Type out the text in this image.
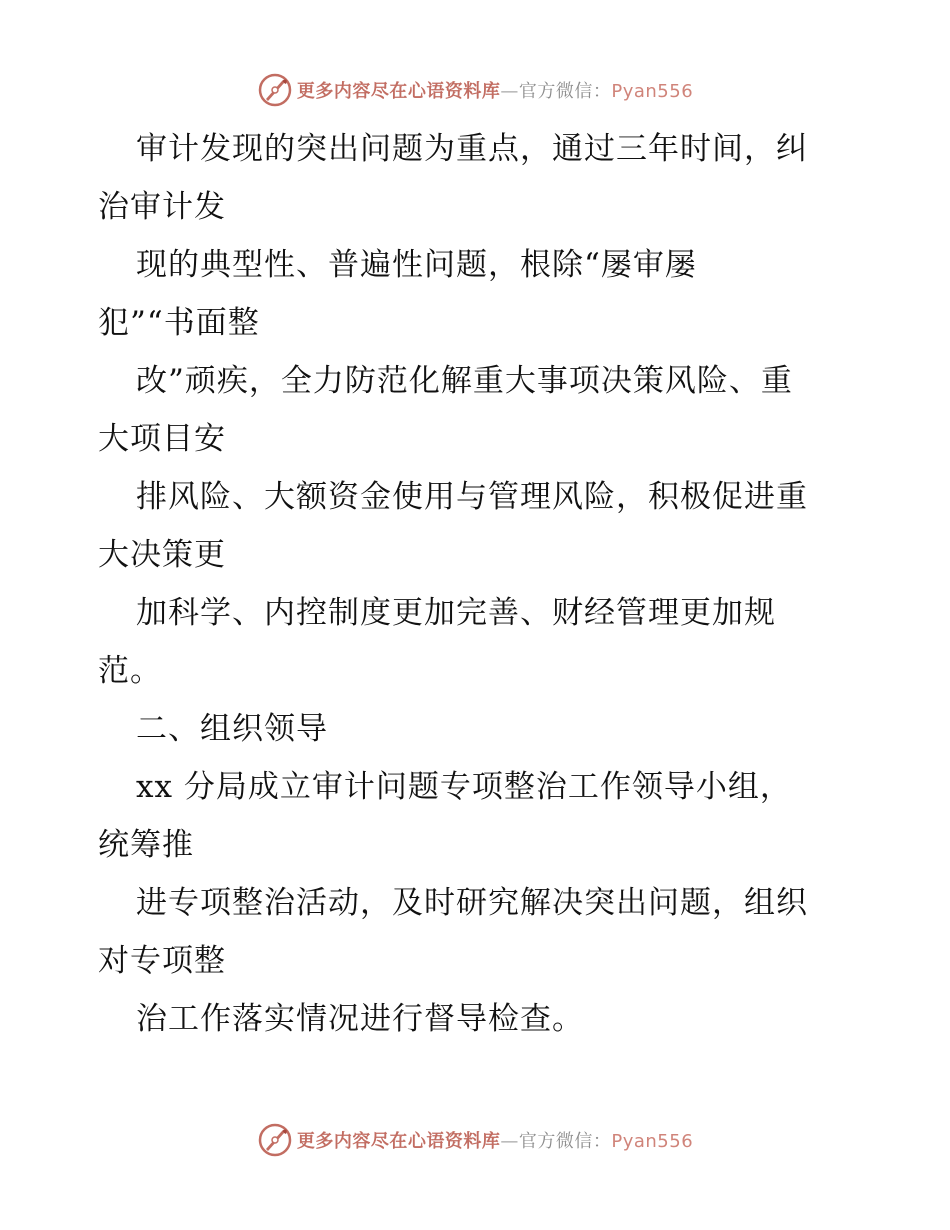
更多内容尽在心语资料库—官方微信：Pyan556
审计发现的突出问题为重点，通过三年时间，纠
治审计发
现的典型性、普遍性问题，根除“屡审屡
犯”“书面整
改”顽疾，全力防范化解重大事项决策风险、重
大项目安
排风险、大额资金使用与管理风险，积极促进重
大决策更
加科学、内控制度更加完善、财经管理更加规
范。
二、组织领导
xx 分局成立审计问题专项整治工作领导小组，
统筹推
进专项整治活动，及时研究解决突出问题，组织
对专项整
治工作落实情况进行督导检查。
更多内容尽在心语资料库—官方微信：Pyan556
